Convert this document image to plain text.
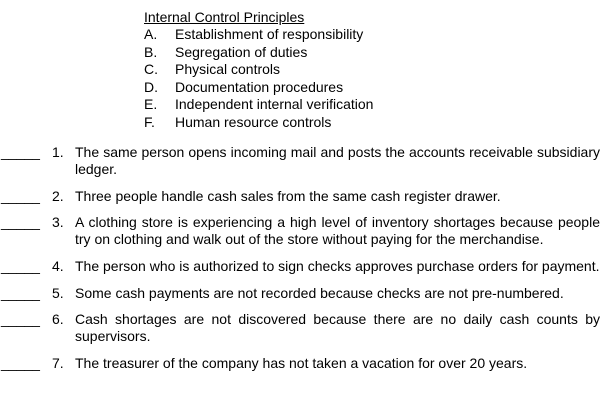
Internal Control Principles
A.	Establishment of responsibility
B.	Segregation of duties
C.	Physical controls
D.	Documentation procedures
E.	Independent internal verification
F.	Human resource controls
_____ 1. The same person opens incoming mail and posts the accounts receivable subsidiary ledger.
_____ 2. Three people handle cash sales from the same cash register drawer.
_____ 3. A clothing store is experiencing a high level of inventory shortages because people try on clothing and walk out of the store without paying for the merchandise.
_____ 4. The person who is authorized to sign checks approves purchase orders for payment.
_____ 5. Some cash payments are not recorded because checks are not pre-numbered.
_____ 6. Cash shortages are not discovered because there are no daily cash counts by supervisors.
_____ 7. The treasurer of the company has not taken a vacation for over 20 years.
